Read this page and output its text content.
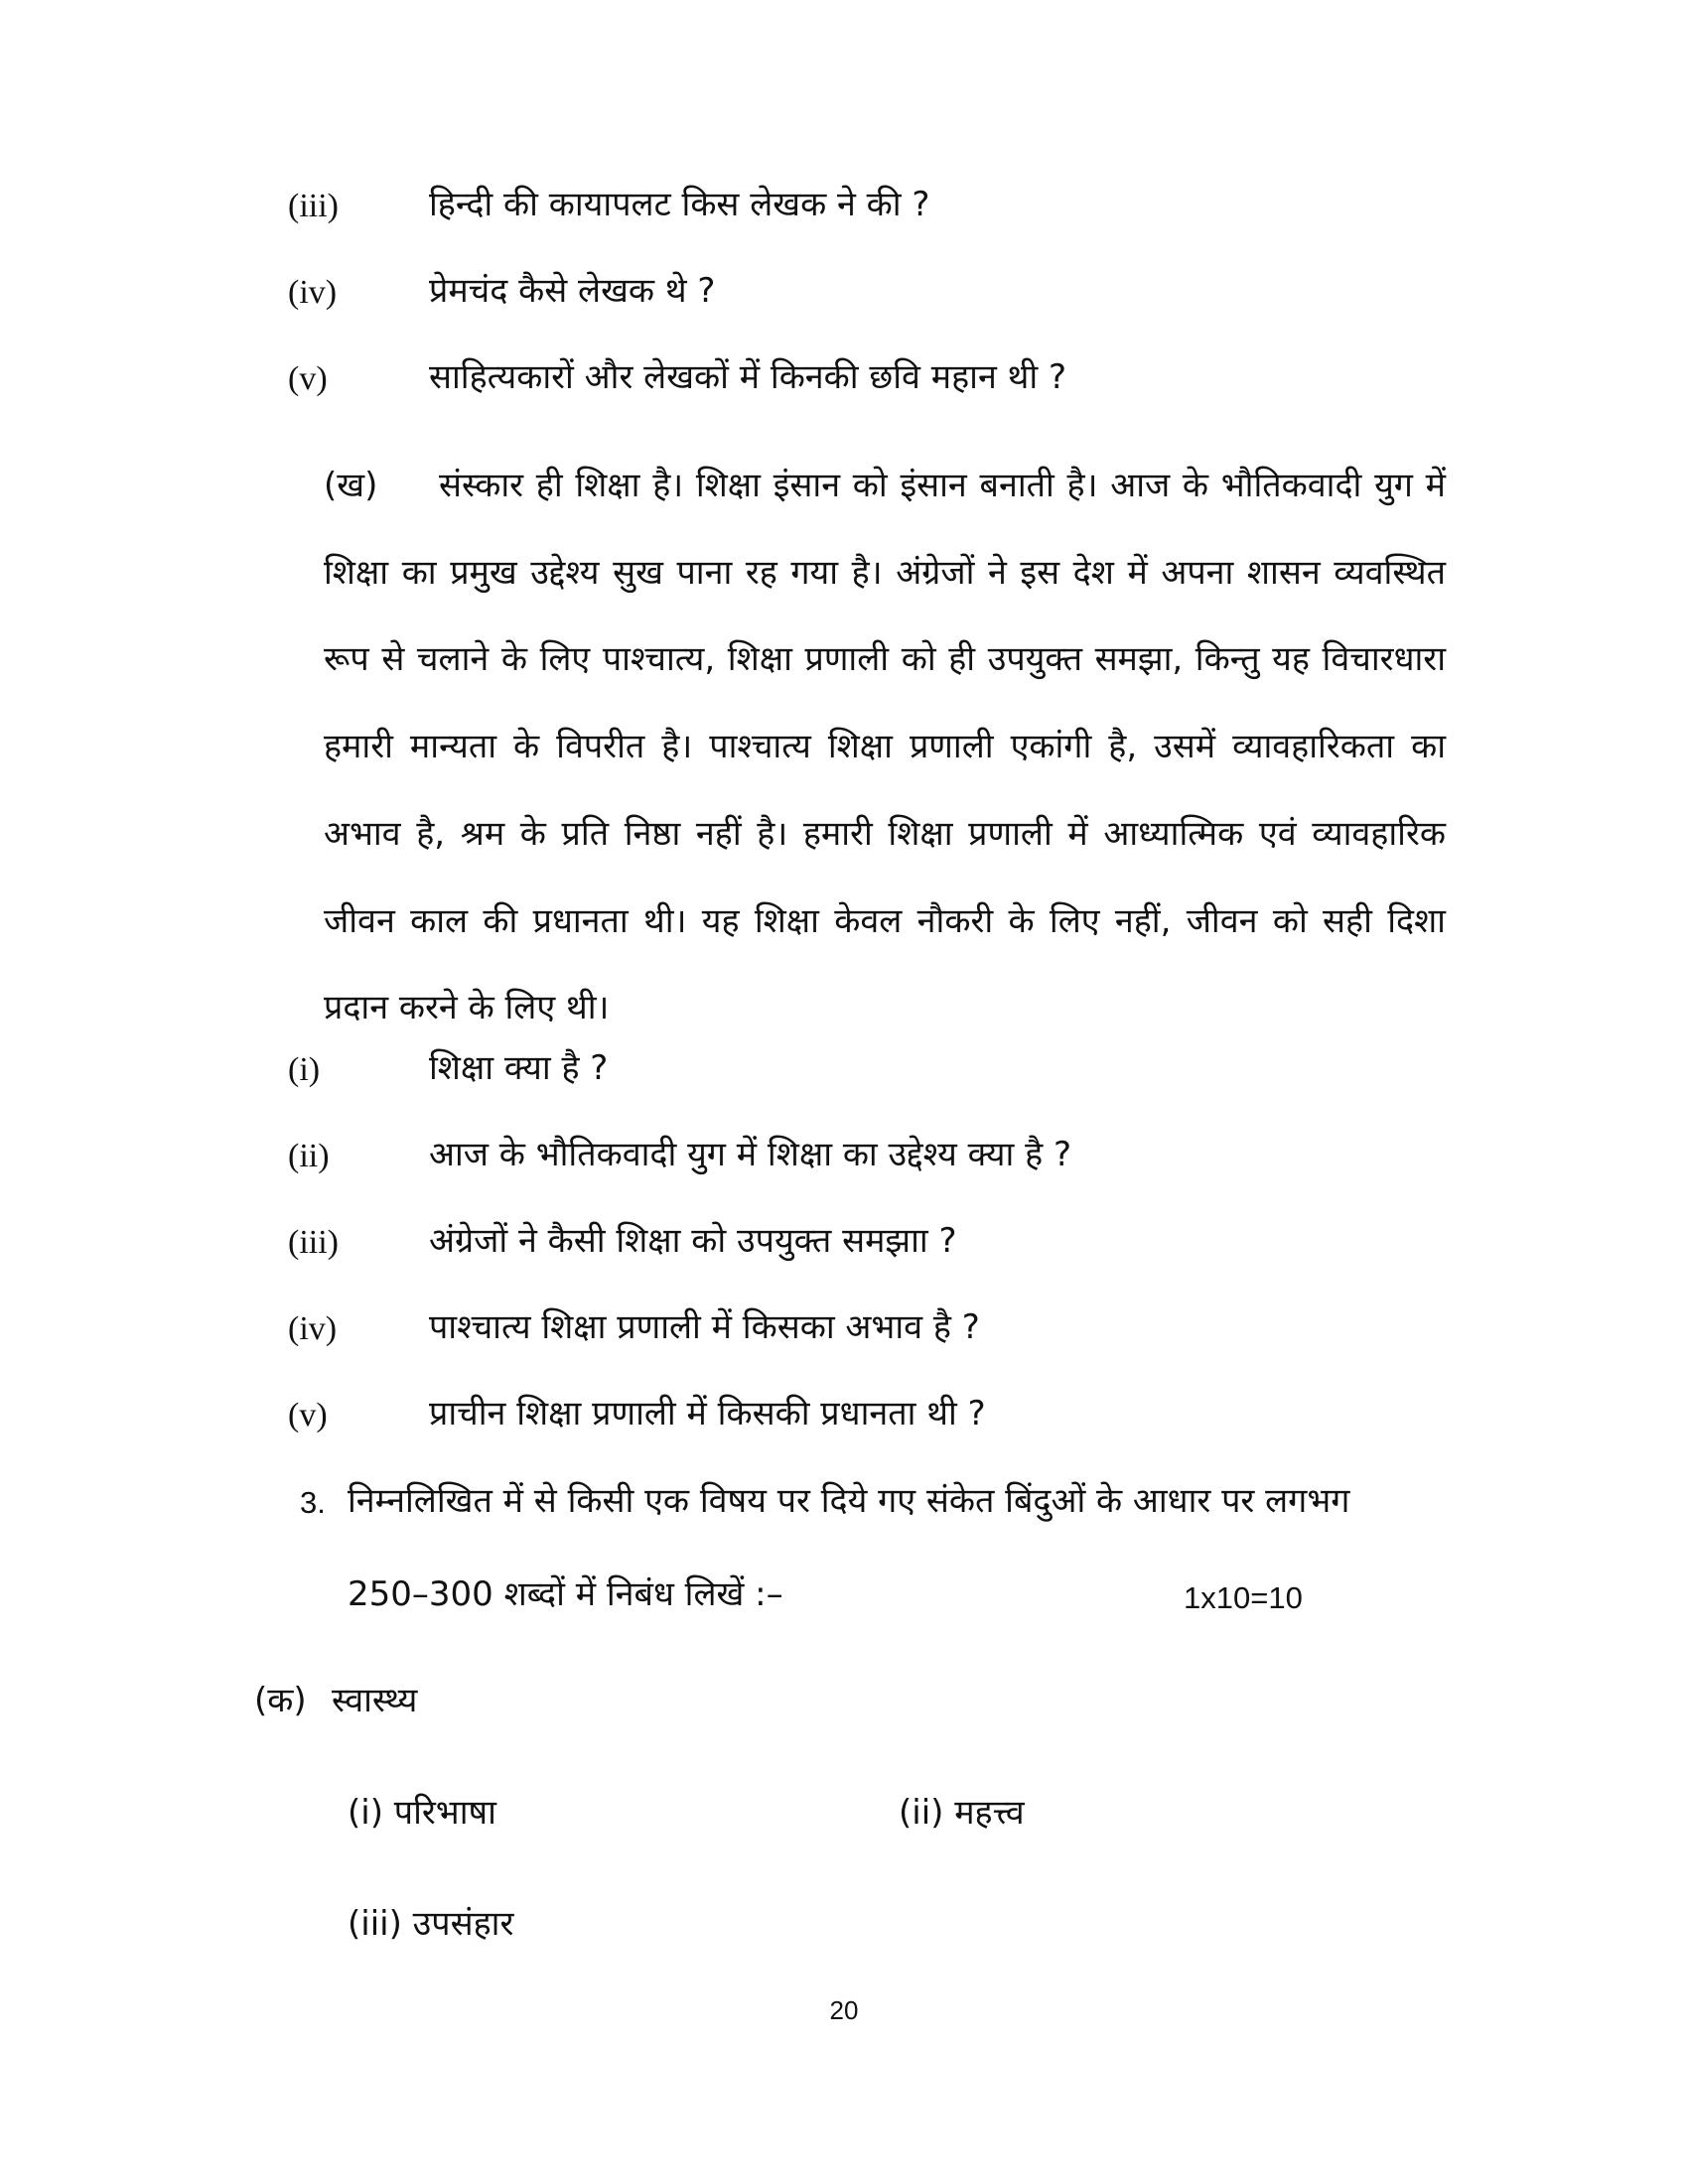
(iii)	हिन्दी की कायापलट किस लेखक ने की ?
(iv)	प्रेमचंद कैसे लेखक थे ?
(v)	साहित्यकारों और लेखकों में किनकी छवि महान थी ?
(ख) संस्कार ही शिक्षा है। शिक्षा इंसान को इंसान बनाती है। आज के भौतिकवादी युग में शिक्षा का प्रमुख उद्देश्य सुख पाना रह गया है। अंग्रेजों ने इस देश में अपना शासन व्यवस्थित रूप से चलाने के लिए पाश्चात्य, शिक्षा प्रणाली को ही उपयुक्त समझा, किन्तु यह विचारधारा हमारी मान्यता के विपरीत है। पाश्चात्य शिक्षा प्रणाली एकांगी है, उसमें व्यावहारिकता का अभाव है, श्रम के प्रति निष्ठा नहीं है। हमारी शिक्षा प्रणाली में आध्यात्मिक एवं व्यावहारिक जीवन काल की प्रधानता थी। यह शिक्षा केवल नौकरी के लिए नहीं, जीवन को सही दिशा प्रदान करने के लिए थी।
(i)	शिक्षा क्या है ?
(ii)	आज के भौतिकवादी युग में शिक्षा का उद्देश्य क्या है ?
(iii)	अंग्रेजों ने कैसी शिक्षा को उपयुक्त समझाा ?
(iv)	पाश्चात्य शिक्षा प्रणाली में किसका अभाव है ?
(v)	प्राचीन शिक्षा प्रणाली में किसकी प्रधानता थी ?
3. निम्नलिखित में से किसी एक विषय पर दिये गए संकेत बिंदुओं के आधार पर लगभग
250–300 शब्दों में निबंध लिखें :–	1x10=10
(क) स्वास्थ्य
(i) परिभाषा	(ii) महत्त्व
(iii) उपसंहार
20
